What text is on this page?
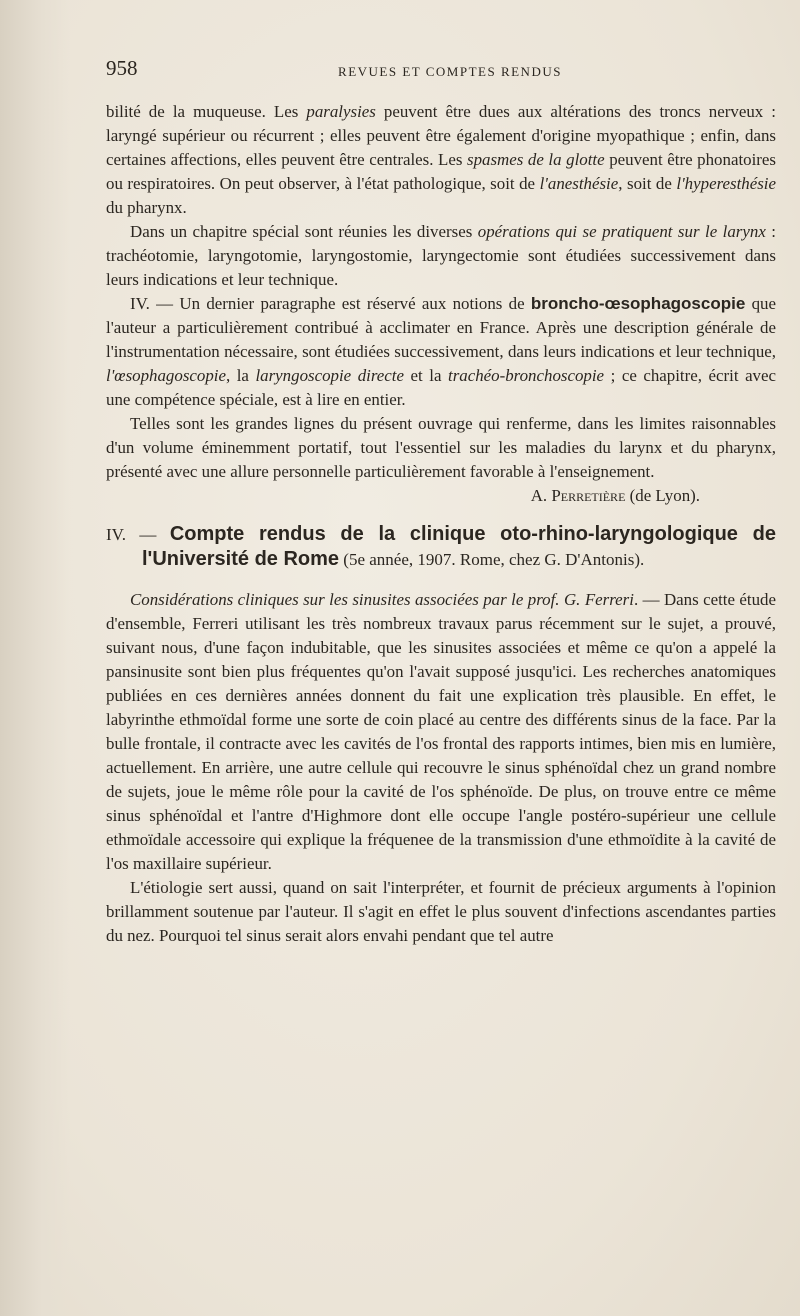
958	REVUES ET COMPTES RENDUS

bilité de la muqueuse. Les paralysies peuvent être dues aux altérations des troncs nerveux : laryngé supérieur ou récurrent ; elles peuvent être également d'origine myopathique ; enfin, dans certaines affections, elles peuvent être centrales. Les spasmes de la glotte peuvent être phonatoires ou respiratoires. On peut observer, à l'état pathologique, soit de l'anesthésie, soit de l'hyperesthésie du pharynx.

Dans un chapitre spécial sont réunies les diverses opérations qui se pratiquent sur le larynx : trachéotomie, laryngotomie, laryngostomie, laryngectomie sont étudiées successivement dans leurs indications et leur technique.

IV. — Un dernier paragraphe est réservé aux notions de broncho-œsophagoscopie que l'auteur a particulièrement contribué à acclimater en France. Après une description générale de l'instrumentation nécessaire, sont étudiées successivement, dans leurs indications et leur technique, l'œsophagoscopie, la laryngoscopie directe et la trachéo-bronchoscopie ; ce chapitre, écrit avec une compétence spéciale, est à lire en entier.

Telles sont les grandes lignes du présent ouvrage qui renferme, dans les limites raisonnables d'un volume éminemment portatif, tout l'essentiel sur les maladies du larynx et du pharynx, présenté avec une allure personnelle particulièrement favorable à l'enseignement.

A. Perretière (de Lyon).

IV. — Compte rendus de la clinique oto-rhino-laryngologique de l'Université de Rome (5e année, 1907. Rome, chez G. D'Antonis).

Considérations cliniques sur les sinusites associées par le prof. G. Ferreri. — Dans cette étude d'ensemble, Ferreri utilisant les très nombreux travaux parus récemment sur le sujet, a prouvé, suivant nous, d'une façon indubitable, que les sinusites associées et même ce qu'on a appelé la pansinusite sont bien plus fréquentes qu'on l'avait supposé jusqu'ici. Les recherches anatomiques publiées en ces dernières années donnent du fait une explication très plausible. En effet, le labyrinthe ethmoïdal forme une sorte de coin placé au centre des différents sinus de la face. Par la bulle frontale, il contracte avec les cavités de l'os frontal des rapports intimes, bien mis en lumière, actuellement. En arrière, une autre cellule qui recouvre le sinus sphénoïdal chez un grand nombre de sujets, joue le même rôle pour la cavité de l'os sphénoïde. De plus, on trouve entre ce même sinus sphénoïdal et l'antre d'Highmore dont elle occupe l'angle postéro-supérieur une cellule ethmoïdale accessoire qui explique la fréquenee de la transmission d'une ethmoïdite à la cavité de l'os maxillaire supérieur.

L'étiologie sert aussi, quand on sait l'interpréter, et fournit de précieux arguments à l'opinion brillamment soutenue par l'auteur. Il s'agit en effet le plus souvent d'infections ascendantes parties du nez. Pourquoi tel sinus serait alors envahi pendant que tel autre
